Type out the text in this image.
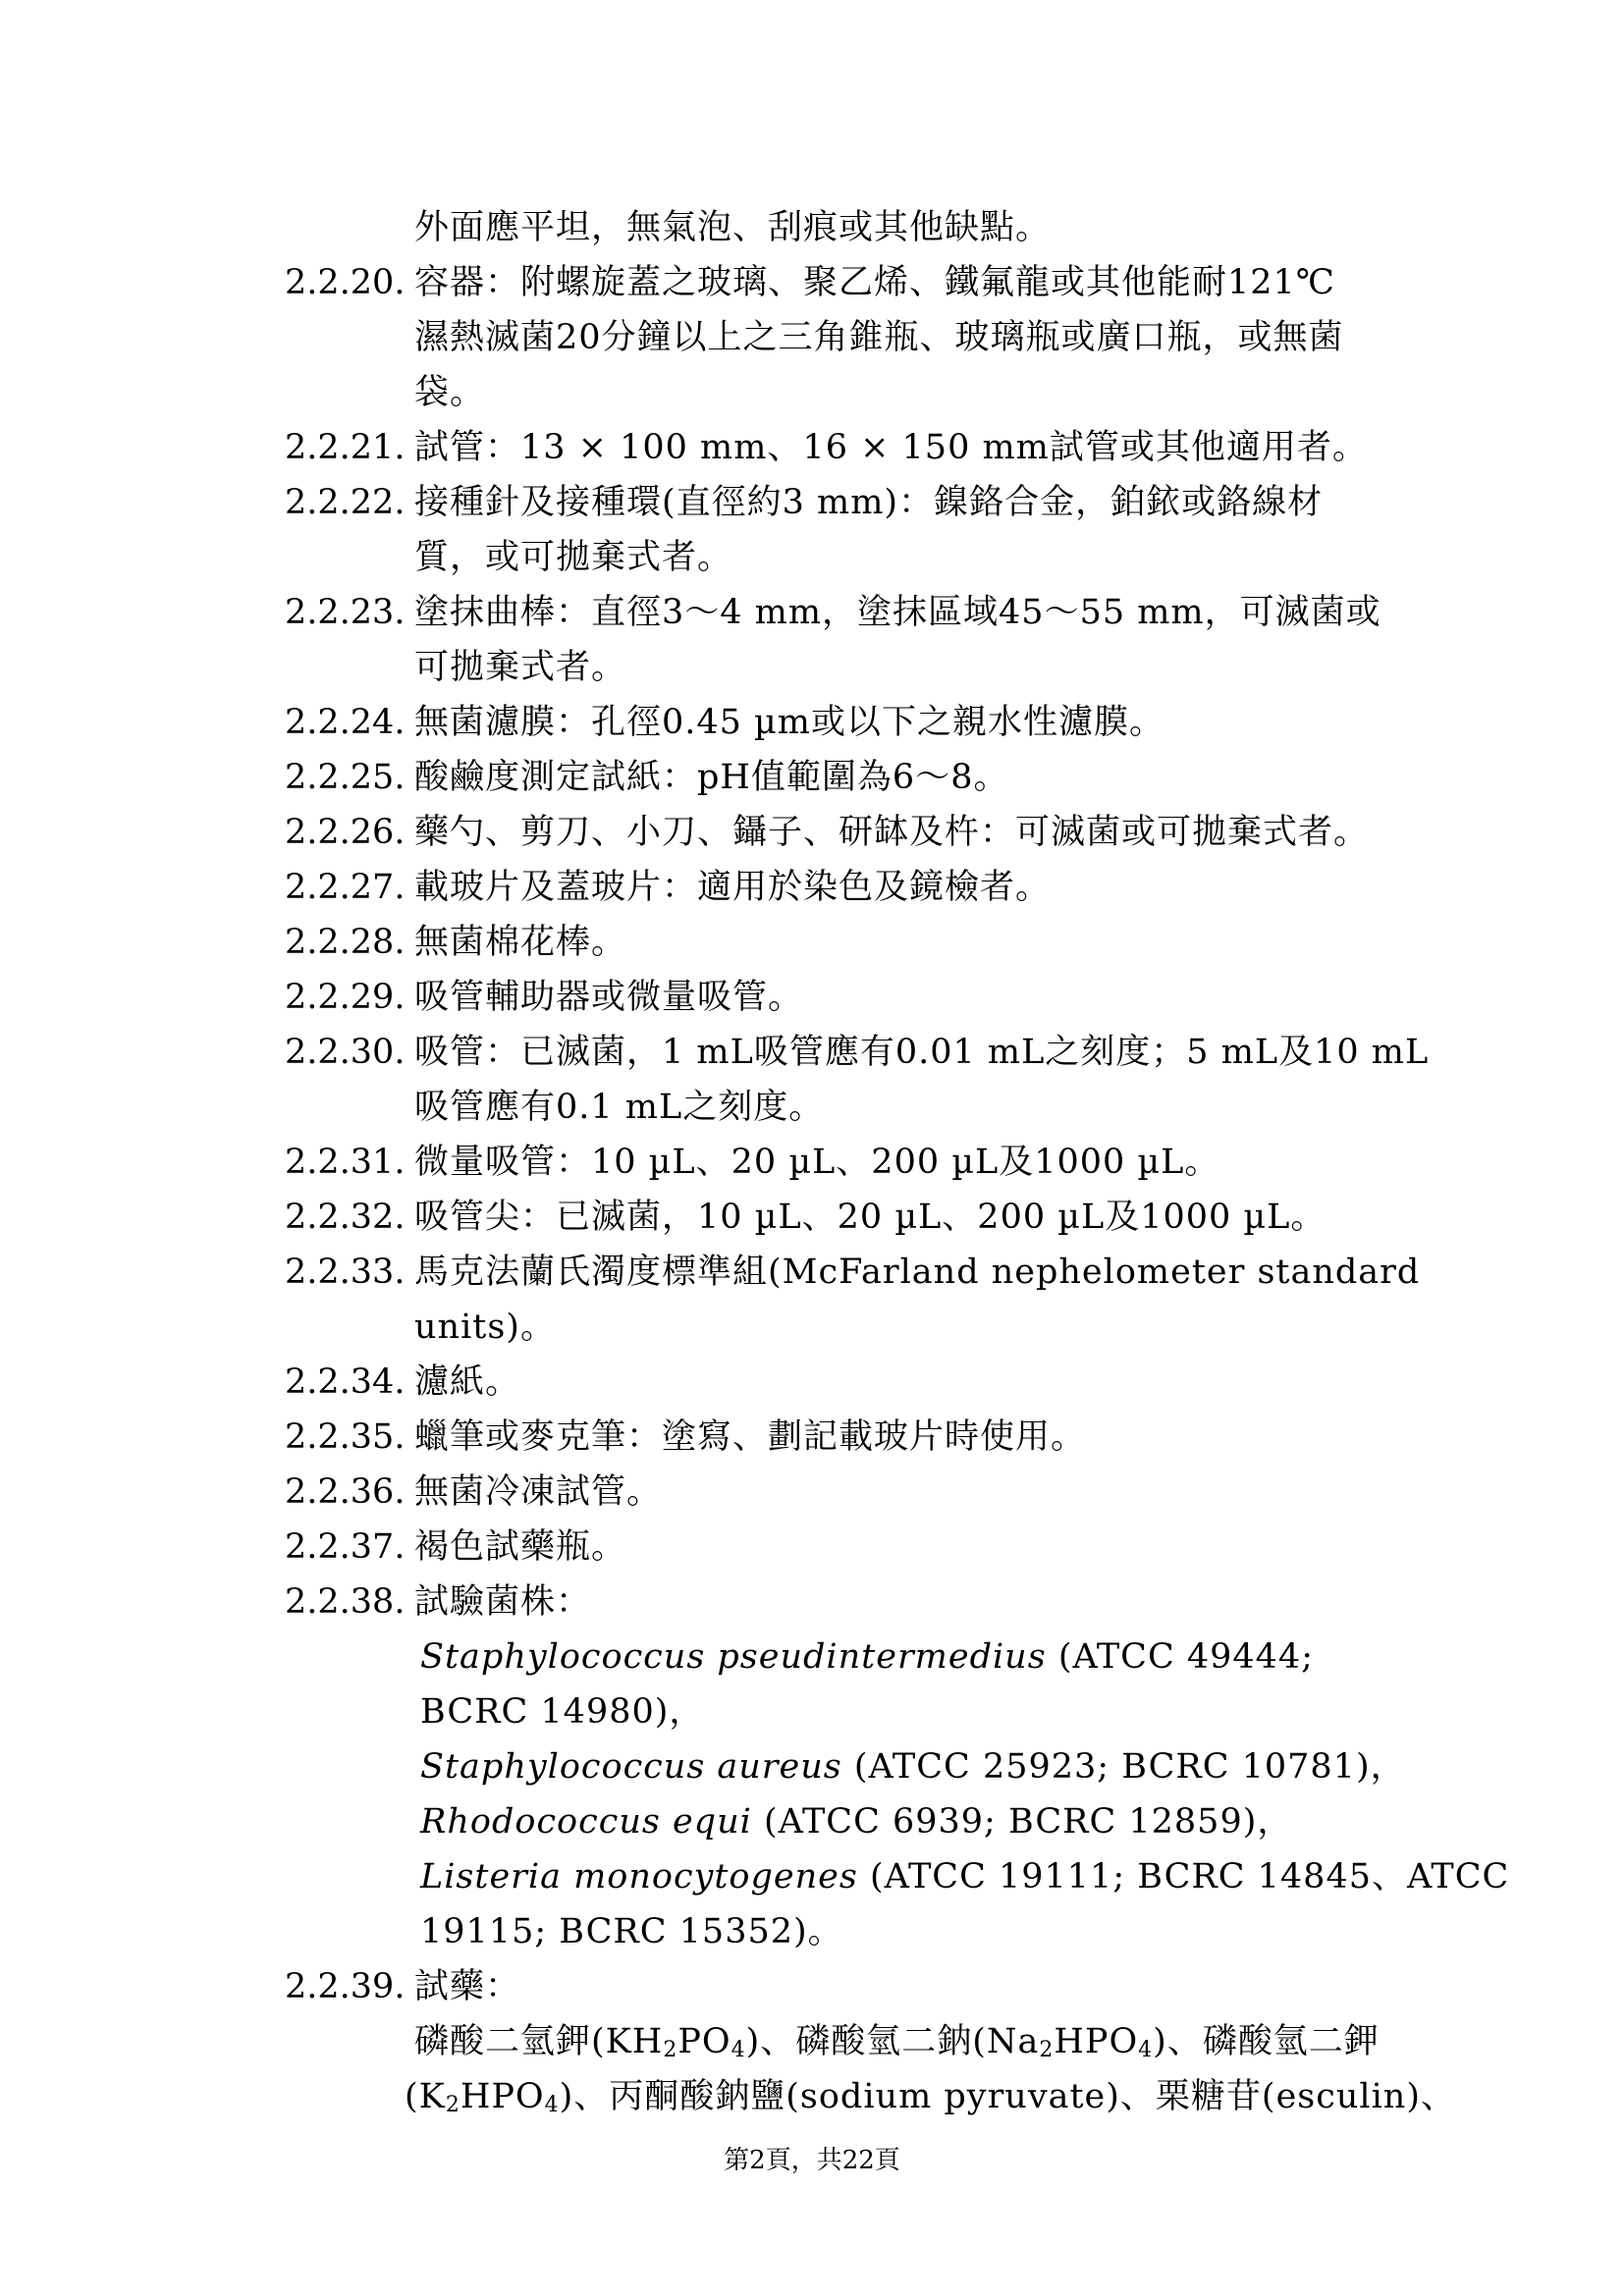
外面應平坦，無氣泡、刮痕或其他缺點。
2.2.20. 容器：附螺旋蓋之玻璃、聚乙烯、鐵氟龍或其他能耐121℃
濕熱滅菌20分鐘以上之三角錐瓶、玻璃瓶或廣口瓶，或無菌
袋。
2.2.21. 試管：13 × 100 mm、16 × 150 mm試管或其他適用者。
2.2.22. 接種針及接種環(直徑約3 mm)：鎳鉻合金，鉑銥或鉻線材
質，或可拋棄式者。
2.2.23. 塗抹曲棒：直徑3～4 mm，塗抹區域45～55 mm，可滅菌或
可拋棄式者。
2.2.24. 無菌濾膜：孔徑0.45 µm或以下之親水性濾膜。
2.2.25. 酸鹼度測定試紙：pH值範圍為6～8。
2.2.26. 藥勺、剪刀、小刀、鑷子、研缽及杵：可滅菌或可拋棄式者。
2.2.27. 載玻片及蓋玻片：適用於染色及鏡檢者。
2.2.28. 無菌棉花棒。
2.2.29. 吸管輔助器或微量吸管。
2.2.30. 吸管：已滅菌，1 mL吸管應有0.01 mL之刻度；5 mL及10 mL
吸管應有0.1 mL之刻度。
2.2.31. 微量吸管：10 µL、20 µL、200 µL及1000 µL。
2.2.32. 吸管尖：已滅菌，10 µL、20 µL、200 µL及1000 µL。
2.2.33. 馬克法蘭氏濁度標準組(McFarland nephelometer standard
units)。
2.2.34. 濾紙。
2.2.35. 蠟筆或麥克筆：塗寫、劃記載玻片時使用。
2.2.36. 無菌冷凍試管。
2.2.37. 褐色試藥瓶。
2.2.38. 試驗菌株：
Staphylococcus pseudintermedius (ATCC 49444;
BCRC 14980)，
Staphylococcus aureus (ATCC 25923; BCRC 10781)，
Rhodococcus equi (ATCC 6939; BCRC 12859)，
Listeria monocytogenes (ATCC 19111; BCRC 14845、ATCC
19115; BCRC 15352)。
2.2.39. 試藥：
磷酸二氫鉀$(KH_2PO_4)$、磷酸氫二鈉$(Na_2HPO_4)$、磷酸氫二鉀
$(K_2HPO_4)$、丙酮酸鈉鹽(sodium pyruvate)、栗糖苷(esculin)、
第2頁，共22頁
